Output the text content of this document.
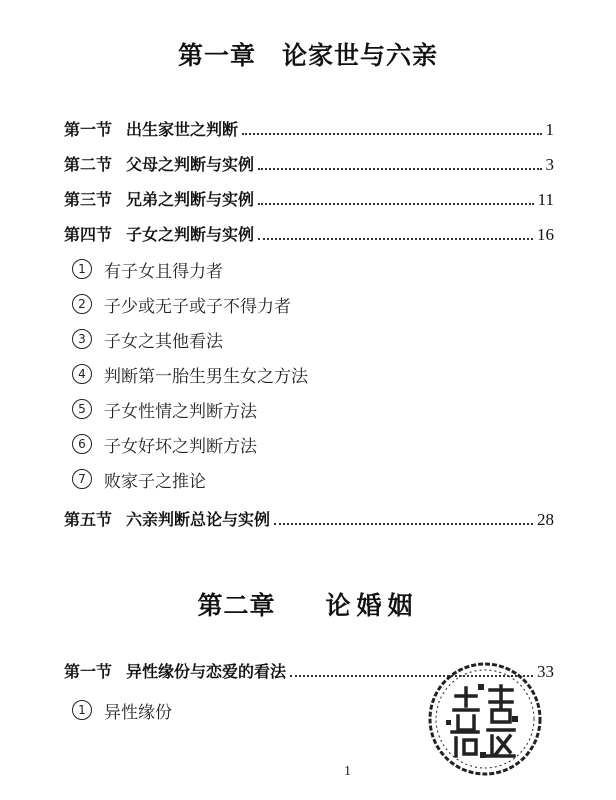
第一章 论家世与六亲
第一节 出生家世之判断	1
第二节 父母之判断与实例	3
第三节 兄弟之判断与实例	11
第四节 子女之判断与实例	16
1	有子女且得力者
2	子少或无子或子不得力者
3	子女之其他看法
4	判断第一胎生男生女之方法
5	子女性情之判断方法
6	子女好坏之判断方法
7	败家子之推论
第五节 六亲判断总论与实例	28
第二章 论婚姻
第一节 异性缘份与恋爱的看法	33
1	异性缘份
1
